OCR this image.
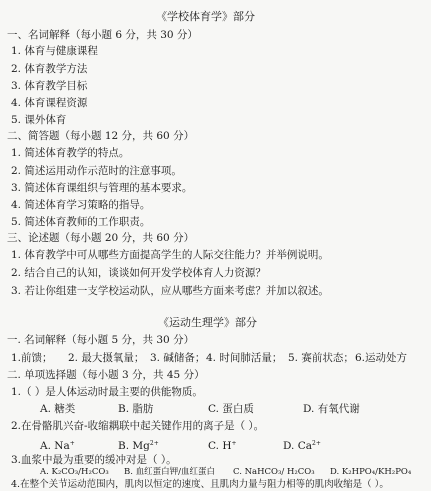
《学校体育学》部分
一、名词解释（每小题 6 分，共 30 分）
1. 体育与健康课程
2. 体育教学方法
3. 体育教学目标
4. 体育课程资源
5. 课外体育
二、简答题（每小题 12 分，共 60 分）
1. 简述体育教学的特点。
2. 简述运用动作示范时的注意事项。
3. 简述体育课组织与管理的基本要求。
4. 简述体育学习策略的指导。
5. 简述体育教师的工作职责。
三、论述题（每小题 20 分，共 60 分）
1. 体育教学中可从哪些方面提高学生的人际交往能力？并举例说明。
2. 结合自己的认知，谈谈如何开发学校体育人力资源？
3. 若让你组建一支学校运动队，应从哪些方面来考虑？并加以叙述。
《运动生理学》部分
一. 名词解释（每小题 5 分，共 30 分）
1.前馈； 2. 最大摄氧量； 3. 碱储备； 4. 时间肺活量； 5. 赛前状态； 6.运动处方
二. 单项选择题（每小题 3 分，共 45 分）
1.（ ）是人体运动时最主要的供能物质。
A. 糖类	B. 脂肪	C. 蛋白质	D. 有氧代谢
2.在骨骼肌兴奋-收缩耦联中起关键作用的离子是（ ）。
A. Na+	B. $Mg^{2+}$	C. H+	D. $Ca^{2+}$
3.血浆中最为重要的缓冲对是（ ）。
A. K₂CO₃/H₂CO₃ B. 血红蛋白钾/血红蛋白 C. NaHCO₃/ H₂CO₃ D. K₂HPO₄/KH₂PO₄
4.在整个关节运动范围内，肌肉以恒定的速度、且肌肉力量与阻力相等的肌肉收缩是（ ）。
